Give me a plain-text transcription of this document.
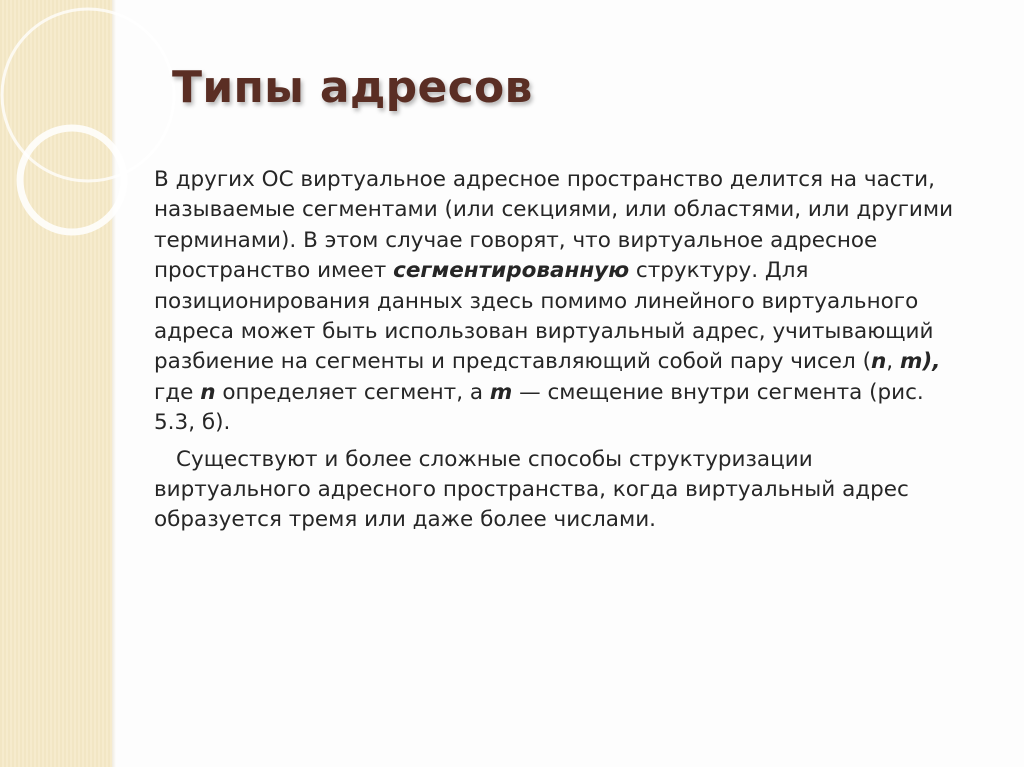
Типы адресов

В других ОС виртуальное адресное пространство делится на части, называемые сегментами (или секциями, или областями, или другими терминами). В этом случае говорят, что виртуальное адресное пространство имеет сегментированную структуру. Для позиционирования данных здесь помимо линейного виртуального адреса может быть использован виртуальный адрес, учитывающий разбиение на сегменты и представляющий собой пару чисел (n, m), где n определяет сегмент, а m — смещение внутри сегмента (рис. 5.3, б).

Существуют и более сложные способы структуризации виртуального адресного пространства, когда виртуальный адрес образуется тремя или даже более числами.
